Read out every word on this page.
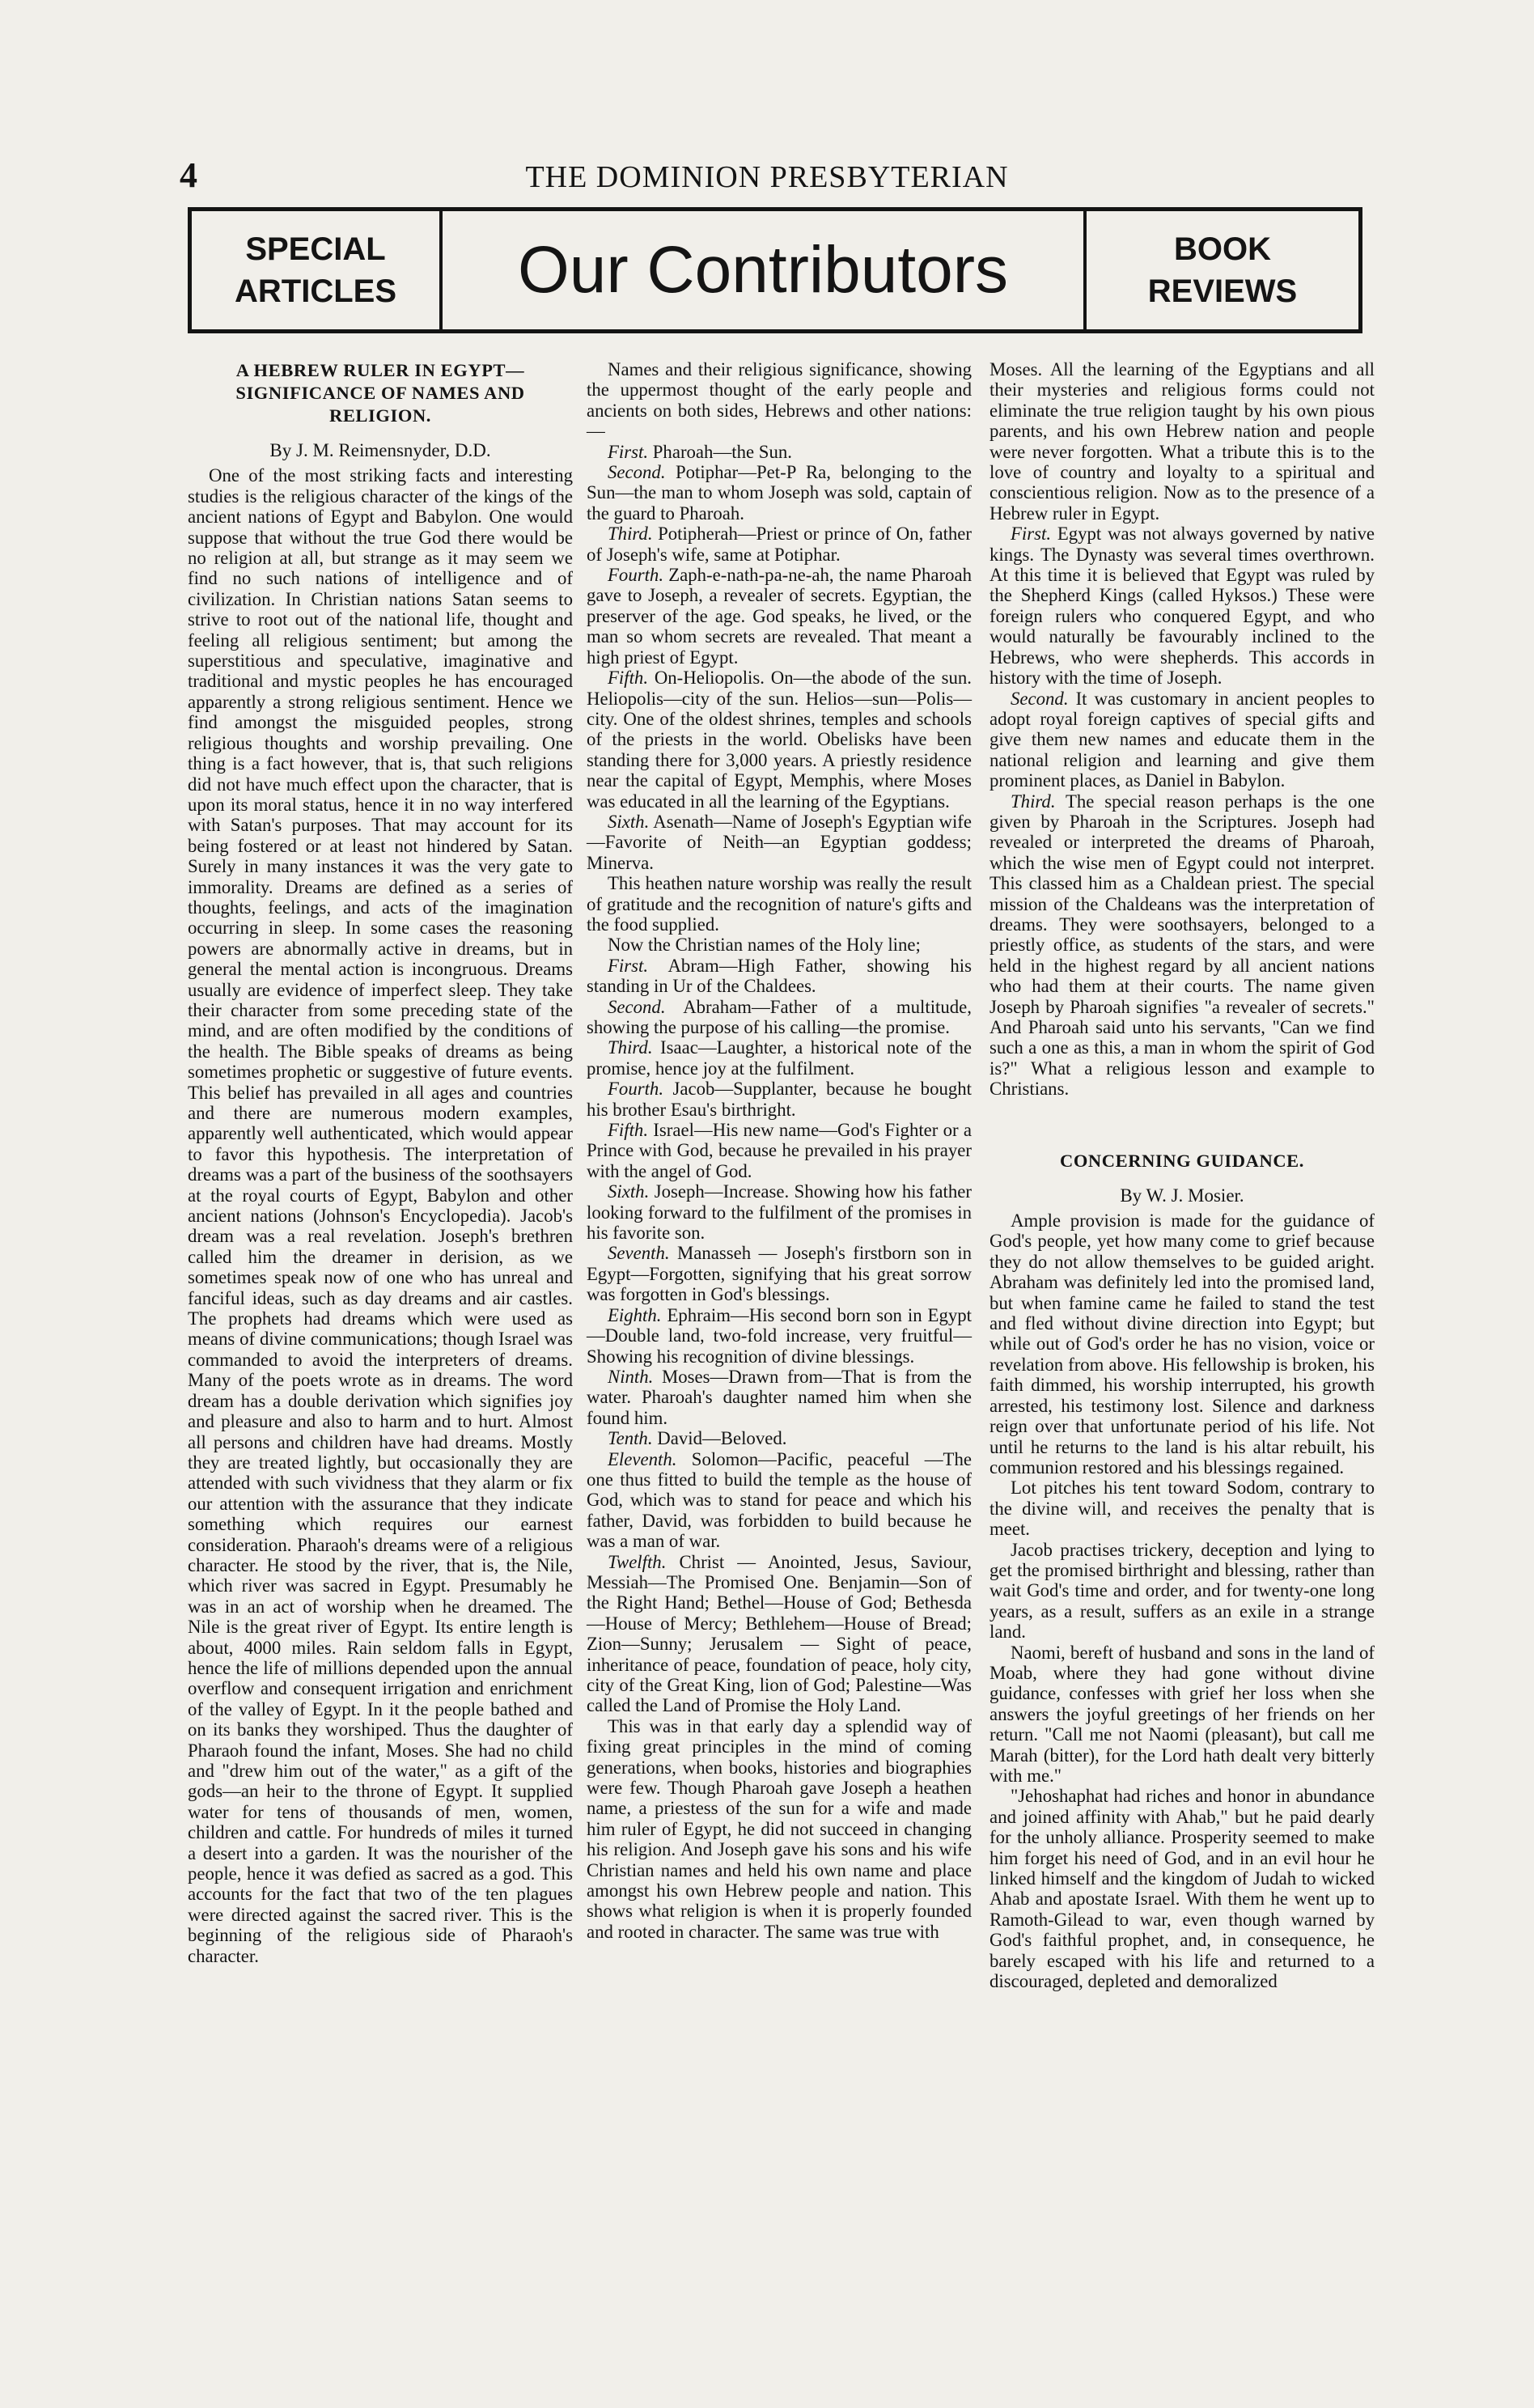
4	THE DOMINION PRESBYTERIAN
SPECIAL
ARTICLES	Our Contributors	BOOK
REVIEWS
A HEBREW RULER IN EGYPT—SIGNIFICANCE OF NAMES AND RELIGION.

By J. M. Reimensnyder, D.D.

One of the most striking facts and interesting studies is the religious character of the kings of the ancient nations of Egypt and Babylon. One would suppose that without the true God there would be no religion at all, but strange as it may seem we find no such nations of intelligence and of civilization. In Christian nations Satan seems to strive to root out of the national life, thought and feeling all religious sentiment; but among the superstitious and speculative, imaginative and traditional and mystic peoples he has encouraged apparently a strong religious sentiment. Hence we find amongst the misguided peoples, strong religious thoughts and worship prevailing. One thing is a fact however, that is, that such religions did not have much effect upon the character, that is upon its moral status, hence it in no way interfered with Satan's purposes. That may account for its being fostered or at least not hindered by Satan. Surely in many instances it was the very gate to immorality. Dreams are defined as a series of thoughts, feelings, and acts of the imagination occurring in sleep. In some cases the reasoning powers are abnormally active in dreams, but in general the mental action is incongruous. Dreams usually are evidence of imperfect sleep. They take their character from some preceding state of the mind, and are often modified by the conditions of the health. The Bible speaks of dreams as being sometimes prophetic or suggestive of future events. This belief has prevailed in all ages and countries and there are numerous modern examples, apparently well authenticated, which would appear to favor this hypothesis. The interpretation of dreams was a part of the business of the soothsayers at the royal courts of Egypt, Babylon and other ancient nations (Johnson's Encyclopedia). Jacob's dream was a real revelation. Joseph's brethren called him the dreamer in derision, as we sometimes speak now of one who has unreal and fanciful ideas, such as day dreams and air castles. The prophets had dreams which were used as means of divine communications; though Israel was commanded to avoid the interpreters of dreams. Many of the poets wrote as in dreams. The word dream has a double derivation which signifies joy and pleasure and also to harm and to hurt. Almost all persons and children have had dreams. Mostly they are treated lightly, but occasionally they are attended with such vividness that they alarm or fix our attention with the assurance that they indicate something which requires our earnest consideration. Pharaoh's dreams were of a religious character. He stood by the river, that is, the Nile, which river was sacred in Egypt. Presumably he was in an act of worship when he dreamed. The Nile is the great river of Egypt. Its entire length is about, 4000 miles. Rain seldom falls in Egypt, hence the life of millions depended upon the annual overflow and consequent irrigation and enrichment of the valley of Egypt. In it the people bathed and on its banks they worshiped. Thus the daughter of Pharaoh found the infant, Moses. She had no child and "drew him out of the water," as a gift of the gods—an heir to the throne of Egypt. It supplied water for tens of thousands of men, women, children and cattle. For hundreds of miles it turned a desert into a garden. It was the nourisher of the people, hence it was defied as sacred as a god. This accounts for the fact that two of the ten plagues were directed against the sacred river. This is the beginning of the religious side of Pharaoh's character.

Names and their religious significance, showing the uppermost thought of the early people and ancients on both sides, Hebrews and other nations:—

First. Pharoah—the Sun.

Second. Potiphar—Pet-P Ra, belonging to the Sun—the man to whom Joseph was sold, captain of the guard to Pharoah.

Third. Potipherah—Priest or prince of On, father of Joseph's wife, same at Potiphar.

Fourth. Zaph-e-nath-pa-ne-ah, the name Pharoah gave to Joseph, a revealer of secrets. Egyptian, the preserver of the age. God speaks, he lived, or the man so whom secrets are revealed. That meant a high priest of Egypt.

Fifth. On-Heliopolis. On—the abode of the sun. Heliopolis—city of the sun. Helios—sun—Polis—city. One of the oldest shrines, temples and schools of the priests in the world. Obelisks have been standing there for 3,000 years. A priestly residence near the capital of Egypt, Memphis, where Moses was educated in all the learning of the Egyptians.

Sixth. Asenath—Name of Joseph's Egyptian wife—Favorite of Neith—an Egyptian goddess; Minerva.

This heathen nature worship was really the result of gratitude and the recognition of nature's gifts and the food supplied.

Now the Christian names of the Holy line;

First. Abram—High Father, showing his standing in Ur of the Chaldees.

Second. Abraham—Father of a multitude, showing the purpose of his calling—the promise.

Third. Isaac—Laughter, a historical note of the promise, hence joy at the fulfilment.

Fourth. Jacob—Supplanter, because he bought his brother Esau's birthright.

Fifth. Israel—His new name—God's Fighter or a Prince with God, because he prevailed in his prayer with the angel of God.

Sixth. Joseph—Increase. Showing how his father looking forward to the fulfilment of the promises in his favorite son.

Seventh. Manasseh — Joseph's firstborn son in Egypt—Forgotten, signifying that his great sorrow was forgotten in God's blessings.

Eighth. Ephraim—His second born son in Egypt—Double land, two-fold increase, very fruitful—Showing his recognition of divine blessings.

Ninth. Moses—Drawn from—That is from the water. Pharoah's daughter named him when she found him.

Tenth. David—Beloved.

Eleventh. Solomon—Pacific, peaceful —The one thus fitted to build the temple as the house of God, which was to stand for peace and which his father, David, was forbidden to build because he was a man of war.

Twelfth. Christ — Anointed, Jesus, Saviour, Messiah—The Promised One. Benjamin—Son of the Right Hand; Bethel—House of God; Bethesda—House of Mercy; Bethlehem—House of Bread; Zion—Sunny; Jerusalem — Sight of peace, inheritance of peace, foundation of peace, holy city, city of the Great King, lion of God; Palestine—Was called the Land of Promise the Holy Land.

This was in that early day a splendid way of fixing great principles in the mind of coming generations, when books, histories and biographies were few. Though Pharoah gave Joseph a heathen name, a priestess of the sun for a wife and made him ruler of Egypt, he did not succeed in changing his religion. And Joseph gave his sons and his wife Christian names and held his own name and place amongst his own Hebrew people and nation. This shows what religion is when it is properly founded and rooted in character. The same was true with

Moses. All the learning of the Egyptians and all their mysteries and religious forms could not eliminate the true religion taught by his own pious parents, and his own Hebrew nation and people were never forgotten. What a tribute this is to the love of country and loyalty to a spiritual and conscientious religion. Now as to the presence of a Hebrew ruler in Egypt.

First. Egypt was not always governed by native kings. The Dynasty was several times overthrown. At this time it is believed that Egypt was ruled by the Shepherd Kings (called Hyksos.) These were foreign rulers who conquered Egypt, and who would naturally be favourably inclined to the Hebrews, who were shepherds. This accords in history with the time of Joseph.

Second. It was customary in ancient peoples to adopt royal foreign captives of special gifts and give them new names and educate them in the national religion and learning and give them prominent places, as Daniel in Babylon.

Third. The special reason perhaps is the one given by Pharoah in the Scriptures. Joseph had revealed or interpreted the dreams of Pharoah, which the wise men of Egypt could not interpret. This classed him as a Chaldean priest. The special mission of the Chaldeans was the interpretation of dreams. They were soothsayers, belonged to a priestly office, as students of the stars, and were held in the highest regard by all ancient nations who had them at their courts. The name given Joseph by Pharoah signifies "a revealer of secrets." And Pharoah said unto his servants, "Can we find such a one as this, a man in whom the spirit of God is?" What a religious lesson and example to Christians.

CONCERNING GUIDANCE.

By W. J. Mosier.

Ample provision is made for the guidance of God's people, yet how many come to grief because they do not allow themselves to be guided aright. Abraham was definitely led into the promised land, but when famine came he failed to stand the test and fled without divine direction into Egypt; but while out of God's order he has no vision, voice or revelation from above. His fellowship is broken, his faith dimmed, his worship interrupted, his growth arrested, his testimony lost. Silence and darkness reign over that unfortunate period of his life. Not until he returns to the land is his altar rebuilt, his communion restored and his blessings regained.

Lot pitches his tent toward Sodom, contrary to the divine will, and receives the penalty that is meet.

Jacob practises trickery, deception and lying to get the promised birthright and blessing, rather than wait God's time and order, and for twenty-one long years, as a result, suffers as an exile in a strange land.

Naomi, bereft of husband and sons in the land of Moab, where they had gone without divine guidance, confesses with grief her loss when she answers the joyful greetings of her friends on her return. "Call me not Naomi (pleasant), but call me Marah (bitter), for the Lord hath dealt very bitterly with me."

"Jehoshaphat had riches and honor in abundance and joined affinity with Ahab," but he paid dearly for the unholy alliance. Prosperity seemed to make him forget his need of God, and in an evil hour he linked himself and the kingdom of Judah to wicked Ahab and apostate Israel. With them he went up to Ramoth-Gilead to war, even though warned by God's faithful prophet, and, in consequence, he barely escaped with his life and returned to a discouraged, depleted and demoralized
